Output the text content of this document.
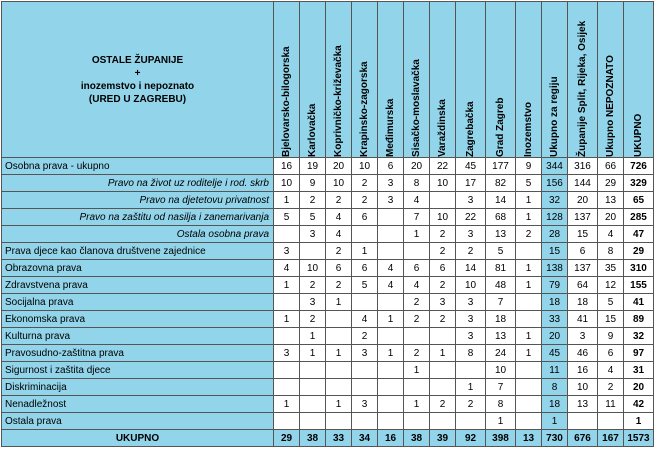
OSTALE ŽUPANIJE
+
inozemstvo i nepoznato
(URED U ZAGREBU)	Bjelovarsko-bilogorska	Karlovačka	Koprivničko-križevačka	Krapinsko-zagorska	Međimurska	Sisačko-moslavačka	Varaždinska	Zagrebačka	Grad Zagreb	Inozemstvo	Ukupno za regiju	Županije Split, Rijeka, Osijek	Ukupno NEPOZNATO	UKUPNO

Osobna prava - ukupno	16	19	20	10	6	20	22	45	177	9	344	316	66	726
Pravo na život uz roditelje i rod. skrb	10	9	10	2	3	8	10	17	82	5	156	144	29	329
Pravo na djetetovu privatnost	1	2	2	2	3	4		3	14	1	32	20	13	65
Pravo na zaštitu od nasilja i zanemarivanja	5	5	4	6		7	10	22	68	1	128	137	20	285
Ostala osobna prava		3	4			1	2	3	13	2	28	15	4	47
Prava djece kao članova društvene zajednice	3		2	1			2	2	5		15	6	8	29
Obrazovna prava	4	10	6	6	4	6	6	14	81	1	138	137	35	310
Zdravstvena prava	1	2	2	5	4	4	2	10	48	1	79	64	12	155
Socijalna prava		3	1			2	3	3	7		18	18	5	41
Ekonomska prava	1	2		4	1	2	2	3	18		33	41	15	89
Kulturna prava		1		2				3	13	1	20	3	9	32
Pravosudno-zaštitna prava	3	1	1	3	1	2	1	8	24	1	45	46	6	97
Sigurnost i zaštita djece						1			10		11	16	4	31
Diskriminacija								1	7		8	10	2	20
Nenadležnost	1		1	3		1	2	2	8		18	13	11	42
Ostala prava									1		1			1
UKUPNO	29	38	33	34	16	38	39	92	398	13	730	676	167	1573
